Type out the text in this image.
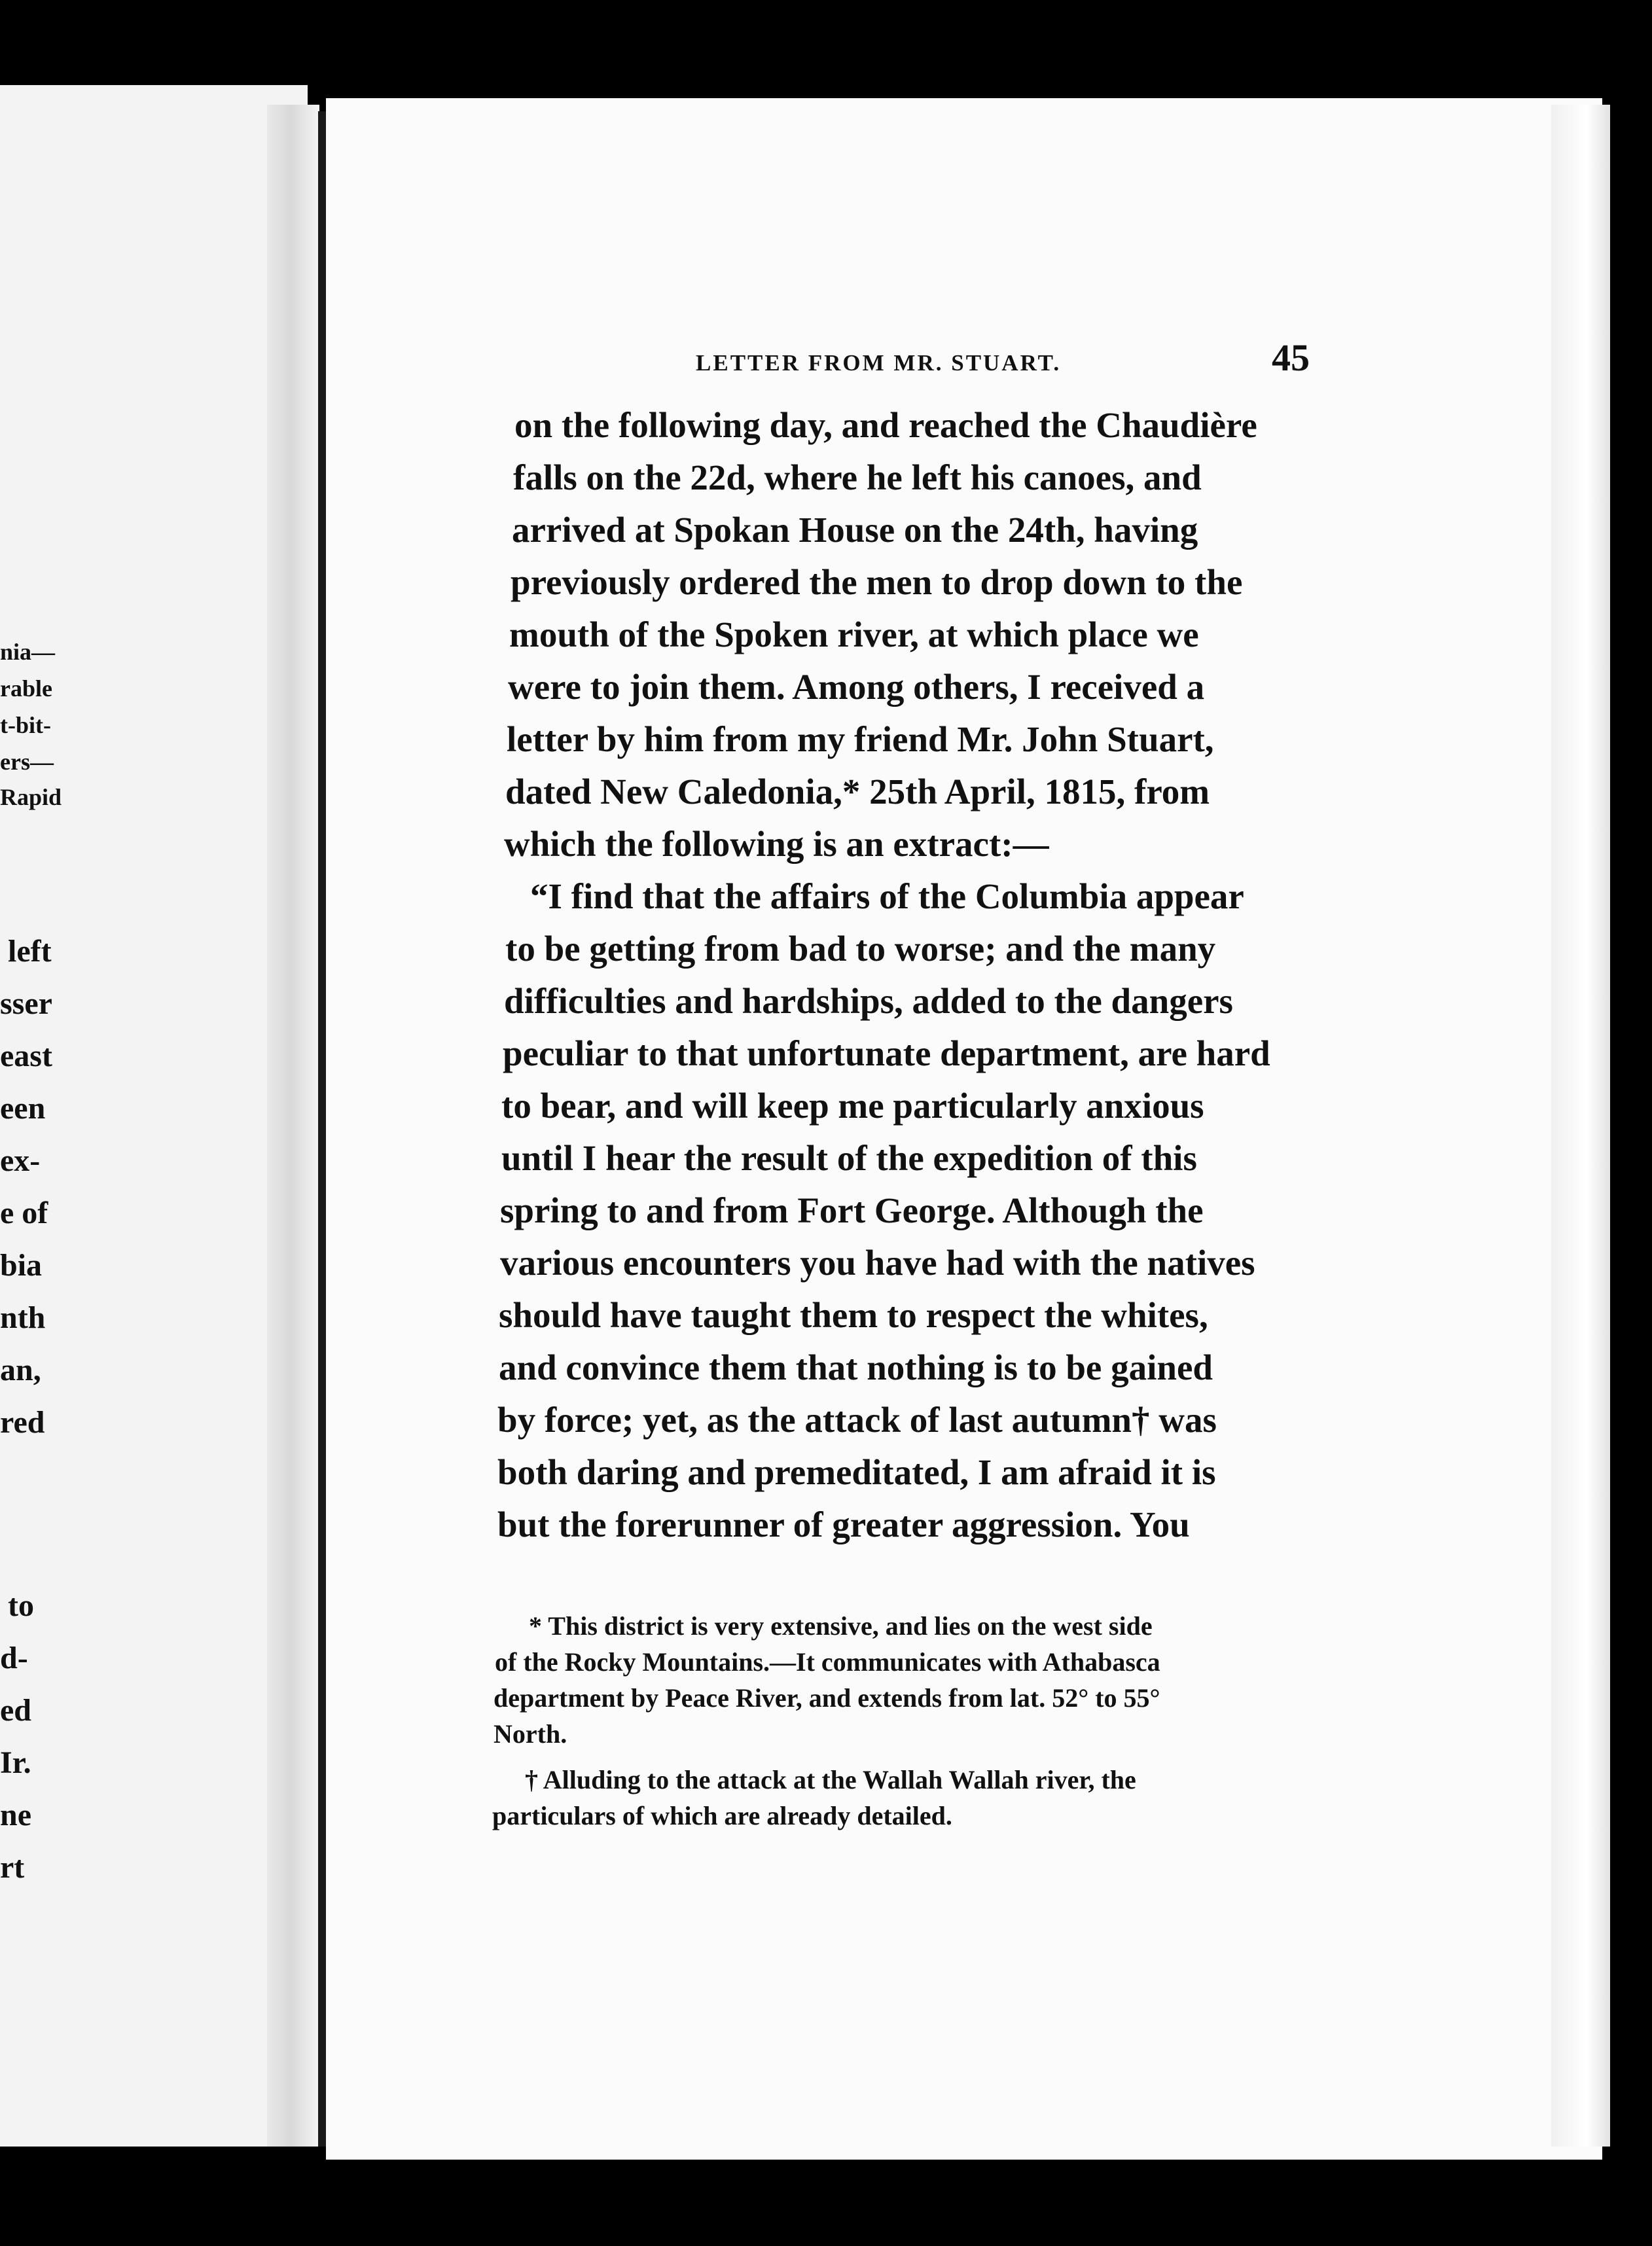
nia—
rable
t-bit-
ers—
Rapid
left
sser
east
een
ex-
e of
bia
nth
an,
red
to
d-
ed
Ir.
ne
rt
LETTER FROM MR. STUART.	45
on the following day, and reached the Chaudière
falls on the 22d, where he left his canoes, and
arrived at Spokan House on the 24th, having
previously ordered the men to drop down to the
mouth of the Spoken river, at which place we
were to join them. Among others, I received a
letter by him from my friend Mr. John Stuart,
dated New Caledonia,* 25th April, 1815, from
which the following is an extract:—
“I find that the affairs of the Columbia appear
to be getting from bad to worse; and the many
difficulties and hardships, added to the dangers
peculiar to that unfortunate department, are hard
to bear, and will keep me particularly anxious
until I hear the result of the expedition of this
spring to and from Fort George. Although the
various encounters you have had with the natives
should have taught them to respect the whites,
and convince them that nothing is to be gained
by force; yet, as the attack of last autumn† was
both daring and premeditated, I am afraid it is
but the forerunner of greater aggression. You
* This district is very extensive, and lies on the west side
of the Rocky Mountains.—It communicates with Athabasca
department by Peace River, and extends from lat. 52° to 55°
North.
† Alluding to the attack at the Wallah Wallah river, the
particulars of which are already detailed.
